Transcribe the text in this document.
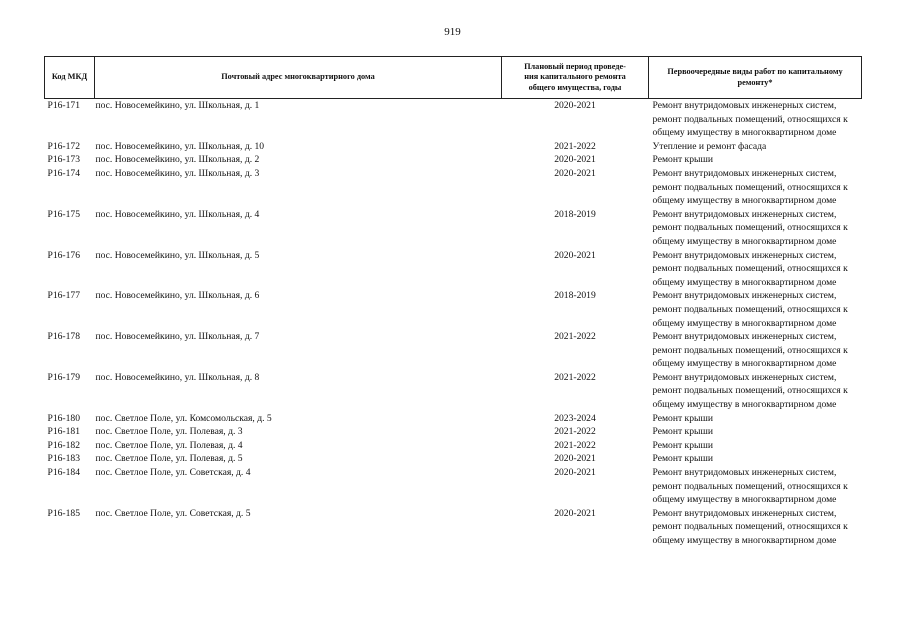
919
Код МКД	Почтовый адрес многоквартирного дома	Плановый период проведе-
ния капитального ремонта
общего имущества, годы	Первоочередные виды работ по капитальному
ремонту*
Р16-171	пос. Новосемейкино, ул. Школьная, д. 1	2020-2021	Ремонт внутридомовых инженерных систем,
ремонт подвальных помещений, относящихся к
общему имуществу в многоквартирном доме
Р16-172	пос. Новосемейкино, ул. Школьная, д. 10	2021-2022	Утепление и ремонт фасада
Р16-173	пос. Новосемейкино, ул. Школьная, д. 2	2020-2021	Ремонт крыши
Р16-174	пос. Новосемейкино, ул. Школьная, д. 3	2020-2021	Ремонт внутридомовых инженерных систем,
ремонт подвальных помещений, относящихся к
общему имуществу в многоквартирном доме
Р16-175	пос. Новосемейкино, ул. Школьная, д. 4	2018-2019	Ремонт внутридомовых инженерных систем,
ремонт подвальных помещений, относящихся к
общему имуществу в многоквартирном доме
Р16-176	пос. Новосемейкино, ул. Школьная, д. 5	2020-2021	Ремонт внутридомовых инженерных систем,
ремонт подвальных помещений, относящихся к
общему имуществу в многоквартирном доме
Р16-177	пос. Новосемейкино, ул. Школьная, д. 6	2018-2019	Ремонт внутридомовых инженерных систем,
ремонт подвальных помещений, относящихся к
общему имуществу в многоквартирном доме
Р16-178	пос. Новосемейкино, ул. Школьная, д. 7	2021-2022	Ремонт внутридомовых инженерных систем,
ремонт подвальных помещений, относящихся к
общему имуществу в многоквартирном доме
Р16-179	пос. Новосемейкино, ул. Школьная, д. 8	2021-2022	Ремонт внутридомовых инженерных систем,
ремонт подвальных помещений, относящихся к
общему имуществу в многоквартирном доме
Р16-180	пос. Светлое Поле, ул. Комсомольская, д. 5	2023-2024	Ремонт крыши
Р16-181	пос. Светлое Поле, ул. Полевая, д. 3	2021-2022	Ремонт крыши
Р16-182	пос. Светлое Поле, ул. Полевая, д. 4	2021-2022	Ремонт крыши
Р16-183	пос. Светлое Поле, ул. Полевая, д. 5	2020-2021	Ремонт крыши
Р16-184	пос. Светлое Поле, ул. Советская, д. 4	2020-2021	Ремонт внутридомовых инженерных систем,
ремонт подвальных помещений, относящихся к
общему имуществу в многоквартирном доме
Р16-185	пос. Светлое Поле, ул. Советская, д. 5	2020-2021	Ремонт внутридомовых инженерных систем,
ремонт подвальных помещений, относящихся к
общему имуществу в многоквартирном доме
